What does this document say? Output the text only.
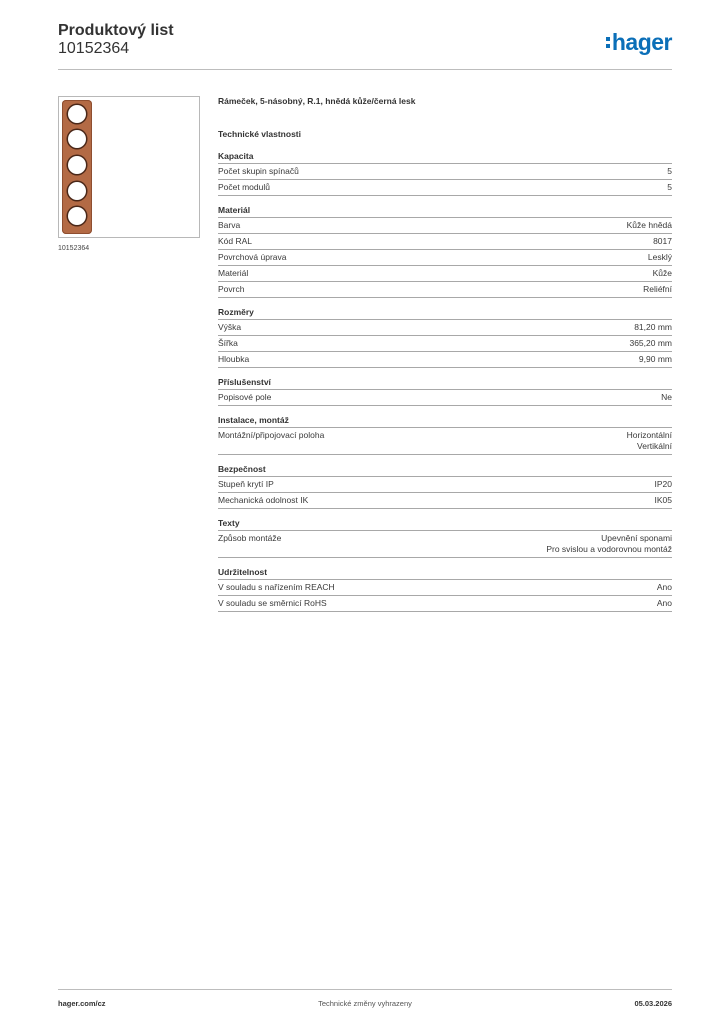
Produktový list
10152364	hager
10152364
Rámeček, 5-násobný, R.1, hnědá kůže/černá lesk
Technické vlastnosti
Kapacita
Počet skupin spínačů	5
Počet modulů	5
Materiál
Barva	Kůže hnědá
Kód RAL	8017
Povrchová úprava	Lesklý
Materiál	Kůže
Povrch	Reliéfní
Rozměry
Výška	81,20 mm
Šířka	365,20 mm
Hloubka	9,90 mm
Příslušenství
Popisové pole	Ne
Instalace, montáž
Montážní/připojovací poloha	Horizontální
Vertikální
Bezpečnost
Stupeň krytí IP	IP20
Mechanická odolnost IK	IK05
Texty
Způsob montáže	Upevnění sponami
Pro svislou a vodorovnou montáž
Udržitelnost
V souladu s nařízením REACH	Ano
V souladu se směrnicí RoHS	Ano
hager.com/cz	Technické změny vyhrazeny	05.03.2026
